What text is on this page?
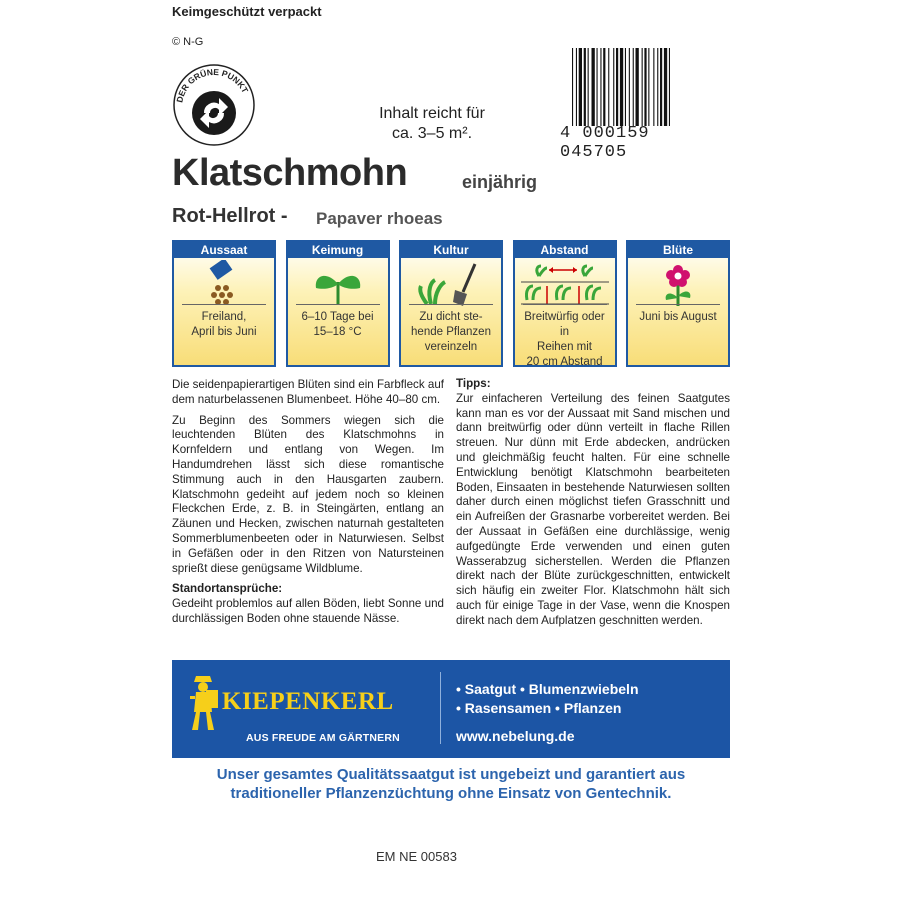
Keimgeschützt verpackt
© N-G
DER GRÜNE PUNKT
Inhalt reicht für
ca. 3–5 m².	4 000159 045705
Klatschmohn	einjährig
Rot-Hellrot - Papaver rhoeas
Aussaat
Freiland,
April bis Juni
Keimung
6–10 Tage bei
15–18 °C
Kultur
Zu dicht ste-
hende Pflanzen
vereinzeln
Abstand
Breitwürfig oder in
Reihen mit
20 cm Abstand
Blüte
Juni bis August

Die seidenpapierartigen Blüten sind ein Farbfleck auf dem naturbelassenen Blumenbeet. Höhe 40–80 cm.

Zu Beginn des Sommers wiegen sich die leuchtenden Blüten des Klatschmohns in Kornfeldern und entlang von Wegen. Im Handumdrehen lässt sich diese romantische Stimmung auch in den Hausgarten zaubern. Klatschmohn gedeiht auf jedem noch so kleinen Fleckchen Erde, z. B. in Steingärten, entlang an Zäunen und Hecken, zwischen naturnah gestalteten Sommerblumenbeeten oder in Naturwiesen. Selbst in Gefäßen oder in den Ritzen von Natursteinen sprießt diese genügsame Wildblume.

Standortansprüche:

Gedeiht problemlos auf allen Böden, liebt Sonne und durchlässigen Boden ohne stauende Nässe.

Tipps:

Zur einfacheren Verteilung des feinen Saatgutes kann man es vor der Aussaat mit Sand mischen und dann breitwürfig oder dünn verteilt in flache Rillen streuen. Nur dünn mit Erde abdecken, andrücken und gleichmäßig feucht halten. Für eine schnelle Entwicklung benötigt Klatschmohn bearbeiteten Boden, Einsaaten in bestehende Naturwiesen sollten daher durch einen möglichst tiefen Grasschnitt und ein Aufreißen der Grasnarbe vorbereitet werden. Bei der Aussaat in Gefäßen eine durchlässige, wenig aufgedüngte Erde verwenden und einen guten Wasserabzug sicherstellen. Werden die Pflanzen direkt nach der Blüte zurückgeschnitten, entwickelt sich häufig ein zweiter Flor. Klatschmohn hält sich auch für einige Tage in der Vase, wenn die Knospen direkt nach dem Aufplatzen geschnitten werden.

KIEPENKERL
AUS FREUDE AM GÄRTNERN
• Saatgut • Blumenzwiebeln
• Rasensamen • Pflanzen
www.nebelung.de
Unser gesamtes Qualitätssaatgut ist ungebeizt und garantiert aus
traditioneller Pflanzenzüchtung ohne Einsatz von Gentechnik.
EM NE 00583
